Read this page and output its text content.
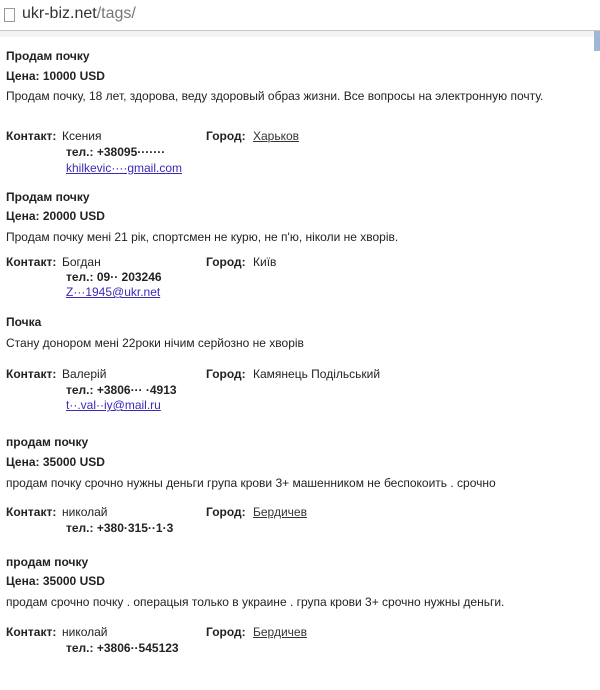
ukr-biz.net/tags/
Продам почку
Цена: 10000 USD
Продам почку, 18 лет, здорова, веду здоровый образ жизни. Все вопросы на электронную почту.
Контакт: Ксения	Город: Харьков
тел.: +38095·······
khilkevic····gmail.com
Продам почку
Цена: 20000 USD
Продам почку мені 21 рік, спортсмен не курю, не п'ю, ніколи не хворів.
Контакт: Богдан	Город: Київ
тел.: 09·· 203246
Z···1945@ukr.net
Почка
Стану донором мені 22роки нічим серйозно не хворів
Контакт: Валерій	Город: Камянець Подільський
тел.: +3806··· ·4913
t··.val··iy@mail.ru
продам почку
Цена: 35000 USD
продам почку срочно нужны деньги група крови 3+ машенником не беспокоить . срочно
Контакт: николай	Город: Бердичев
тел.: +380·315··1·3
продам почку
Цена: 35000 USD
продам срочно почку . операцыя только в украине . група крови 3+ срочно нужны деньги.
Контакт: николай	Город: Бердичев
тел.: +3806··545123
